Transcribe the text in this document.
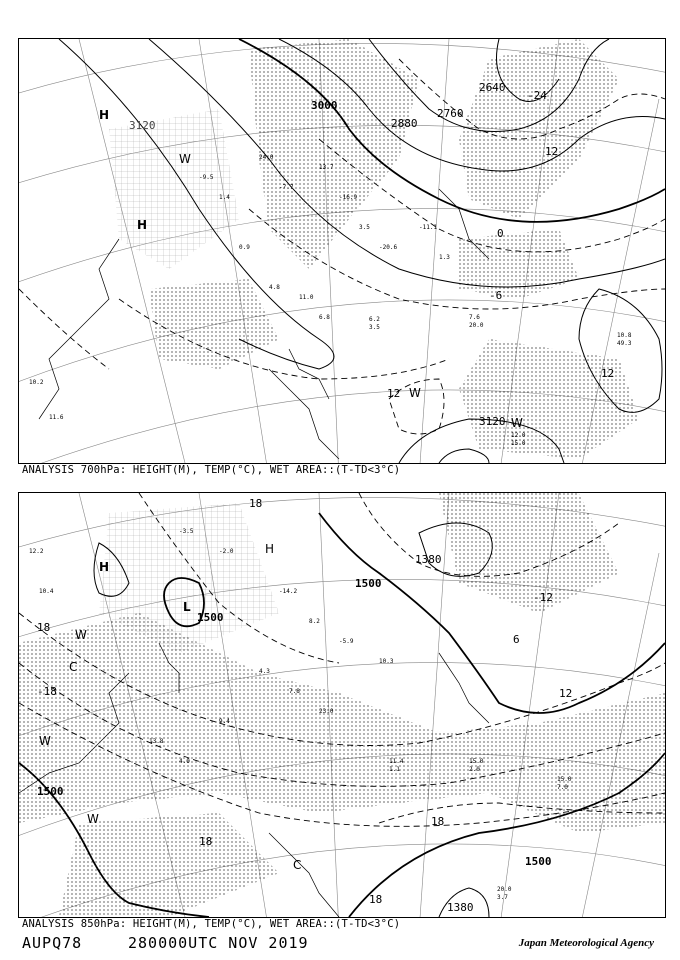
3000
3120	2880
2760
2640
3120
-24
12
0
-6
12
12
H
H
W
W
W
-9.5
1.4
24.0
-7.7
13.7
-16.9
3.5
-20.6
0.9
4.8
11.0
6.8
-11.1
1.3
7.6
20.0
6.2
3.5
10.8
49.3
12.0
15.0
10.2
11.6
ANALYSIS 700hPa: HEIGHT(M), TEMP(°C), WET AREA::(T-TD<3°C)
1500
1500
1500
1500
1380
1380
18
18
-18
18
12
18
-12
6
18
H
L
H
C
W
W
W
C
-3.5
-2.0
-14.2
8.2
-5.9
10.3
4.3
7.8
23.0
9.4
13.8
4.0	15.0
2.0
15.0
7.0
20.0
3.7
11.4
1.1
12.2
10.4
ANALYSIS 850hPa: HEIGHT(M), TEMP(°C), WET AREA::(T-TD<3°C)
AUPQ78	280000UTC NOV 2019	Japan Meteorological Agency
